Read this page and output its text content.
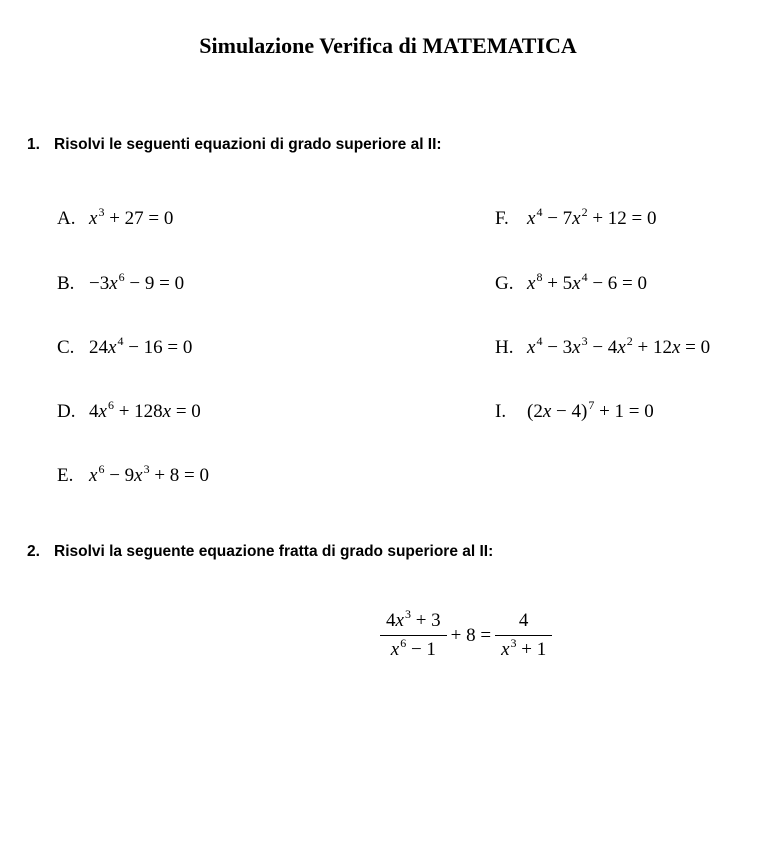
Simulazione Verifica di MATEMATICA
1. Risolvi le seguenti equazioni di grado superiore al II:
A. $x^3 + 27 = 0$
B. $-3x^6 - 9 = 0$
C. $24x^4 - 16 = 0$
D. $4x^6 + 128x = 0$
E. $x^6 - 9x^3 + 8 = 0$
F. $x^4 - 7x^2 + 12 = 0$
G. $x^8 + 5x^4 - 6 = 0$
H. $x^4 - 3x^3 - 4x^2 + 12x = 0$
I. $(2x - 4)^7 + 1 = 0$
2. Risolvi la seguente equazione fratta di grado superiore al II:
$\frac{4x^3 + 3}{x^6 - 1} + 8 = \frac{4}{x^3 + 1}$
